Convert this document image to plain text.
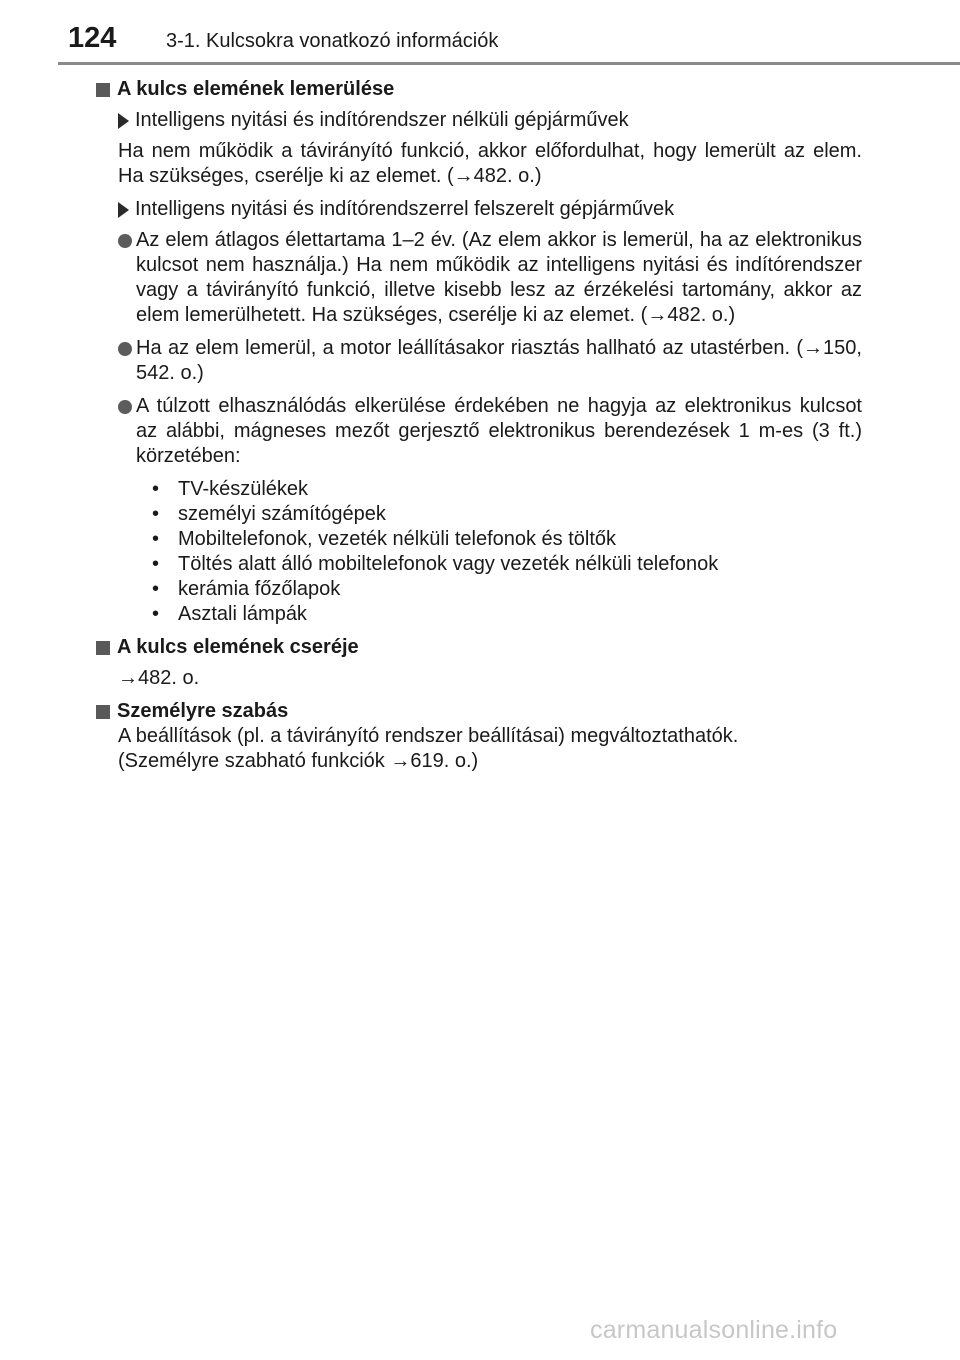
124 3-1. Kulcsokra vonatkozó információk
A kulcs elemének lemerülése
Intelligens nyitási és indítórendszer nélküli gépjárművek
Ha nem működik a távirányító funkció, akkor előfordulhat, hogy lemerült az elem. Ha szükséges, cserélje ki az elemet. (→482. o.)
Intelligens nyitási és indítórendszerrel felszerelt gépjárművek
Az elem átlagos élettartama 1–2 év. (Az elem akkor is lemerül, ha az elektronikus kulcsot nem használja.) Ha nem működik az intelligens nyitási és indítórendszer vagy a távirányító funkció, illetve kisebb lesz az érzékelési tartomány, akkor az elem lemerülhetett. Ha szükséges, cserélje ki az elemet. (→482. o.)
Ha az elem lemerül, a motor leállításakor riasztás hallható az utastérben. (→150, 542. o.)
A túlzott elhasználódás elkerülése érdekében ne hagyja az elektronikus kulcsot az alábbi, mágneses mezőt gerjesztő elektronikus berendezések 1 m-es (3 ft.) körzetében:
• TV-készülékek
• személyi számítógépek
• Mobiltelefonok, vezeték nélküli telefonok és töltők
• Töltés alatt álló mobiltelefonok vagy vezeték nélküli telefonok
• kerámia főzőlapok
• Asztali lámpák
A kulcs elemének cseréje
→482. o.
Személyre szabás
A beállítások (pl. a távirányító rendszer beállításai) megváltoztathatók.
(Személyre szabható funkciók →619. o.)
carmanualsonline.info
